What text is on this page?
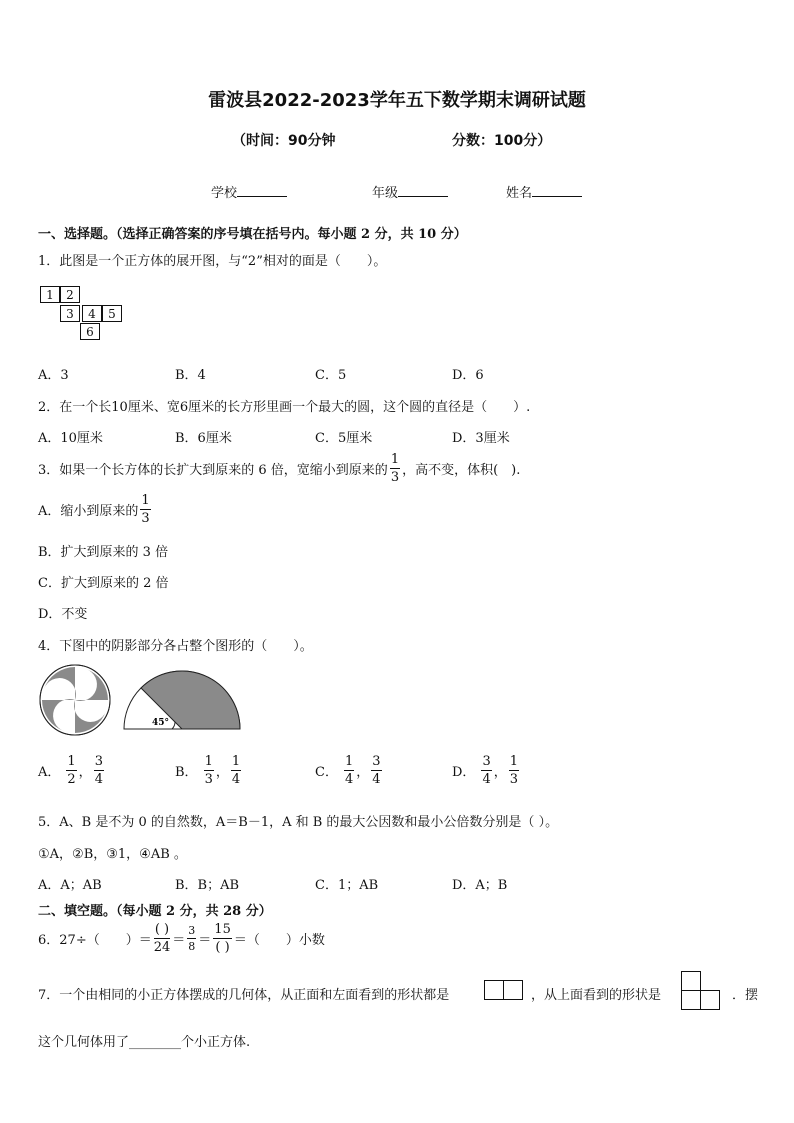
雷波县2022-2023学年五下数学期末调研试题
（时间：90分钟	分数：100分）
学校	年级	姓名
一、选择题。（选择正确答案的序号填在括号内。每小题 2 分，共 10 分）
1．此图是一个正方体的展开图，与“2”相对的面是（　　）。
1	2
3	4	5
6
A．3	B．4	C．5	D．6
2．在一个长10厘米、宽6厘米的长方形里画一个最大的圆，这个圆的直径是（　　）.
A．10厘米	B．6厘米	C．5厘米	D．3厘米
3．如果一个长方体的长扩大到原来的 6 倍，宽缩小到原来的 $\frac{1}{3}$ ，高不变，体积(　).
A．缩小到原来的 $\frac{1}{3}$
B．扩大到原来的 3 倍
C．扩大到原来的 2 倍
D．不变
4．下图中的阴影部分各占整个图形的（　　）。
45°
A． $\frac{1}{2}$ ， $\frac{3}{4}$	B． $\frac{1}{3}$ ， $\frac{1}{4}$	C． $\frac{1}{4}$ ， $\frac{3}{4}$	D． $\frac{3}{4}$ ， $\frac{1}{3}$
5．A、B 是不为 0 的自然数，A＝B－1，A 和 B 的最大公因数和最小公倍数分别是（ ）。
①A，②B，③1，④AB 。
A．A；AB	B．B；AB	C．1；AB	D．A；B
二、填空题。（每小题 2 分，共 28 分）
6．27÷（　　）＝ $\frac{( )}{24} = \frac{3}{8} = \frac{15}{( )}$ ＝（　　）小数
7．一个由相同的小正方体摆成的几何体，从正面和左面看到的形状都是	，从上面看到的形状是	．摆
这个几何体用了________个小正方体.
